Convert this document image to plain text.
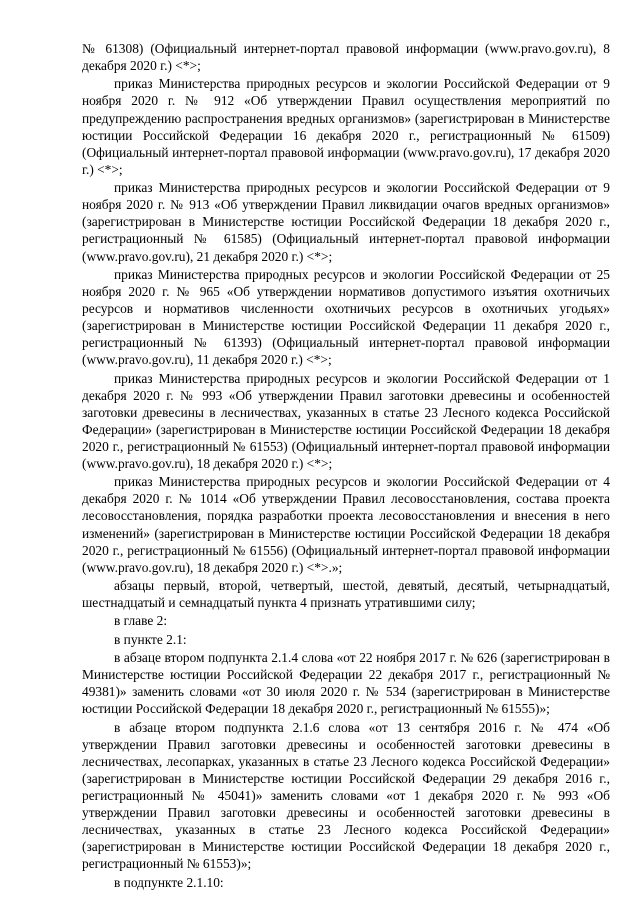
№ 61308) (Официальный интернет-портал правовой информации (www.pravo.gov.ru), 8 декабря 2020 г.) <*>;

приказ Министерства природных ресурсов и экологии Российской Федерации от 9 ноября 2020 г. № 912 «Об утверждении Правил осуществления мероприятий по предупреждению распространения вредных организмов» (зарегистрирован в Министерстве юстиции Российской Федерации 16 декабря 2020 г., регистрационный № 61509) (Официальный интернет-портал правовой информации (www.pravo.gov.ru), 17 декабря 2020 г.) <*>;

приказ Министерства природных ресурсов и экологии Российской Федерации от 9 ноября 2020 г. № 913 «Об утверждении Правил ликвидации очагов вредных организмов» (зарегистрирован в Министерстве юстиции Российской Федерации 18 декабря 2020 г., регистрационный № 61585) (Официальный интернет-портал правовой информации (www.pravo.gov.ru), 21 декабря 2020 г.) <*>;

приказ Министерства природных ресурсов и экологии Российской Федерации от 25 ноября 2020 г. № 965 «Об утверждении нормативов допустимого изъятия охотничьих ресурсов и нормативов численности охотничьих ресурсов в охотничьих угодьях» (зарегистрирован в Министерстве юстиции Российской Федерации 11 декабря 2020 г., регистрационный № 61393) (Официальный интернет-портал правовой информации (www.pravo.gov.ru), 11 декабря 2020 г.) <*>;

приказ Министерства природных ресурсов и экологии Российской Федерации от 1 декабря 2020 г. № 993 «Об утверждении Правил заготовки древесины и особенностей заготовки древесины в лесничествах, указанных в статье 23 Лесного кодекса Российской Федерации» (зарегистрирован в Министерстве юстиции Российской Федерации 18 декабря 2020 г., регистрационный № 61553) (Официальный интернет-портал правовой информации (www.pravo.gov.ru), 18 декабря 2020 г.) <*>;

приказ Министерства природных ресурсов и экологии Российской Федерации от 4 декабря 2020 г. № 1014 «Об утверждении Правил лесовосстановления, состава проекта лесовосстановления, порядка разработки проекта лесовосстановления и внесения в него изменений» (зарегистрирован в Министерстве юстиции Российской Федерации 18 декабря 2020 г., регистрационный № 61556) (Официальный интернет-портал правовой информации (www.pravo.gov.ru), 18 декабря 2020 г.) <*>.»;

абзацы первый, второй, четвертый, шестой, девятый, десятый, четырнадцатый, шестнадцатый и семнадцатый пункта 4 признать утратившими силу;

в главе 2:

в пункте 2.1:

в абзаце втором подпункта 2.1.4 слова «от 22 ноября 2017 г. № 626 (зарегистрирован в Министерстве юстиции Российской Федерации 22 декабря 2017 г., регистрационный № 49381)» заменить словами «от 30 июля 2020 г. № 534 (зарегистрирован в Министерстве юстиции Российской Федерации 18 декабря 2020 г., регистрационный № 61555)»;

в абзаце втором подпункта 2.1.6 слова «от 13 сентября 2016 г. № 474 «Об утверждении Правил заготовки древесины и особенностей заготовки древесины в лесничествах, лесопарках, указанных в статье 23 Лесного кодекса Российской Федерации» (зарегистрирован в Министерстве юстиции Российской Федерации 29 декабря 2016 г., регистрационный № 45041)» заменить словами «от 1 декабря 2020 г. № 993 «Об утверждении Правил заготовки древесины и особенностей заготовки древесины в лесничествах, указанных в статье 23 Лесного кодекса Российской Федерации» (зарегистрирован в Министерстве юстиции Российской Федерации 18 декабря 2020 г., регистрационный № 61553)»;

в подпункте 2.1.10:
